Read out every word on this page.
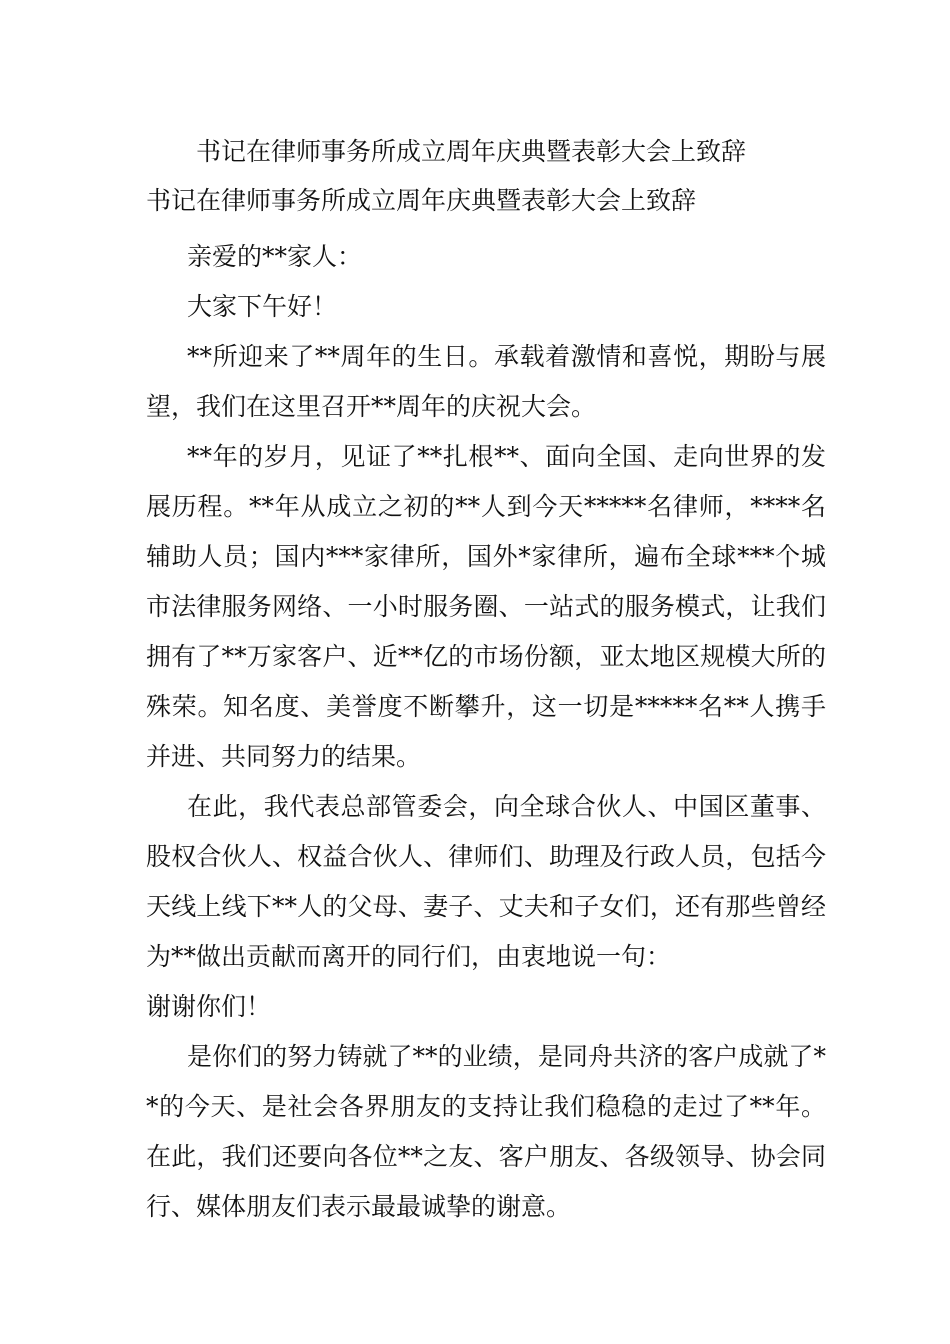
书记在律师事务所成立周年庆典暨表彰大会上致辞
书记在律师事务所成立周年庆典暨表彰大会上致辞

亲爱的**家人：

大家下午好！

**所迎来了**周年的生日。承载着激情和喜悦，期盼与展望，我们在这里召开**周年的庆祝大会。

**年的岁月，见证了**扎根**、面向全国、走向世界的发展历程。**年从成立之初的**人到今天*****名律师，****名辅助人员；国内***家律所，国外*家律所，遍布全球***个城市法律服务网络、一小时服务圈、一站式的服务模式，让我们拥有了**万家客户、近**亿的市场份额，亚太地区规模大所的殊荣。知名度、美誉度不断攀升，这一切是*****名**人携手并进、共同努力的结果。

在此，我代表总部管委会，向全球合伙人、中国区董事、股权合伙人、权益合伙人、律师们、助理及行政人员，包括今天线上线下**人的父母、妻子、丈夫和子女们，还有那些曾经为**做出贡献而离开的同行们，由衷地说一句：

谢谢你们！

是你们的努力铸就了**的业绩，是同舟共济的客户成就了**的今天、是社会各界朋友的支持让我们稳稳的走过了**年。在此，我们还要向各位**之友、客户朋友、各级领导、协会同行、媒体朋友们表示最最诚挚的谢意。
